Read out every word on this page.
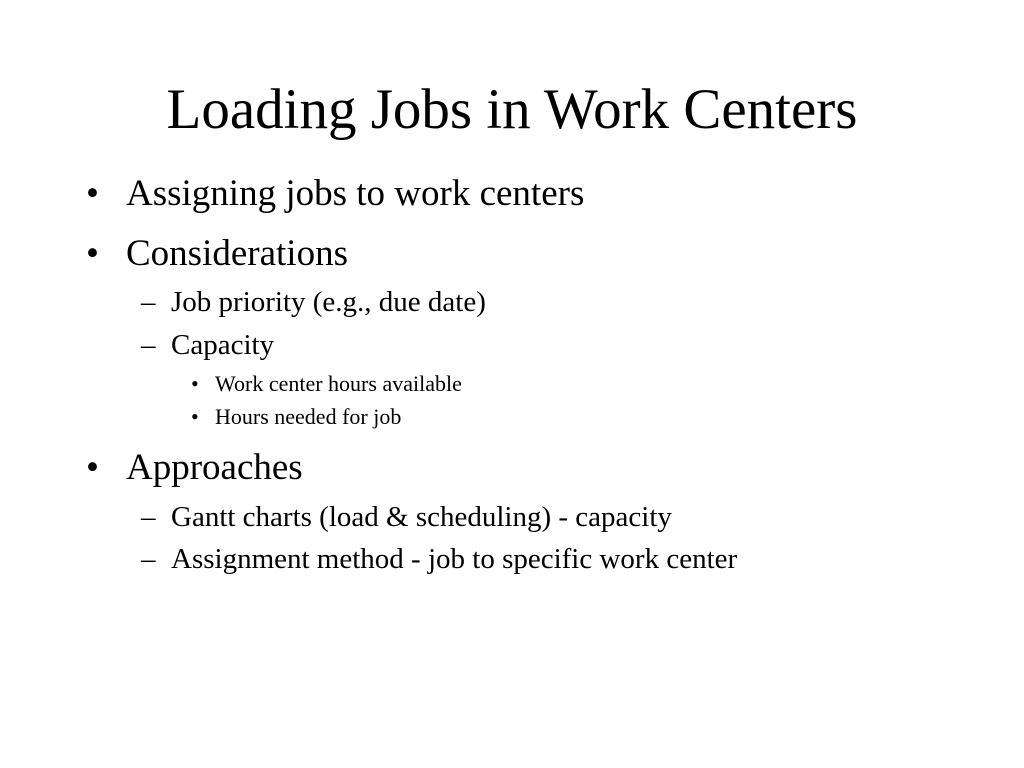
Loading Jobs in Work Centers
• Assigning jobs to work centers
• Considerations
– Job priority (e.g., due date)
– Capacity
• Work center hours available
• Hours needed for job
• Approaches
– Gantt charts (load & scheduling) - capacity
– Assignment method - job to specific work center
